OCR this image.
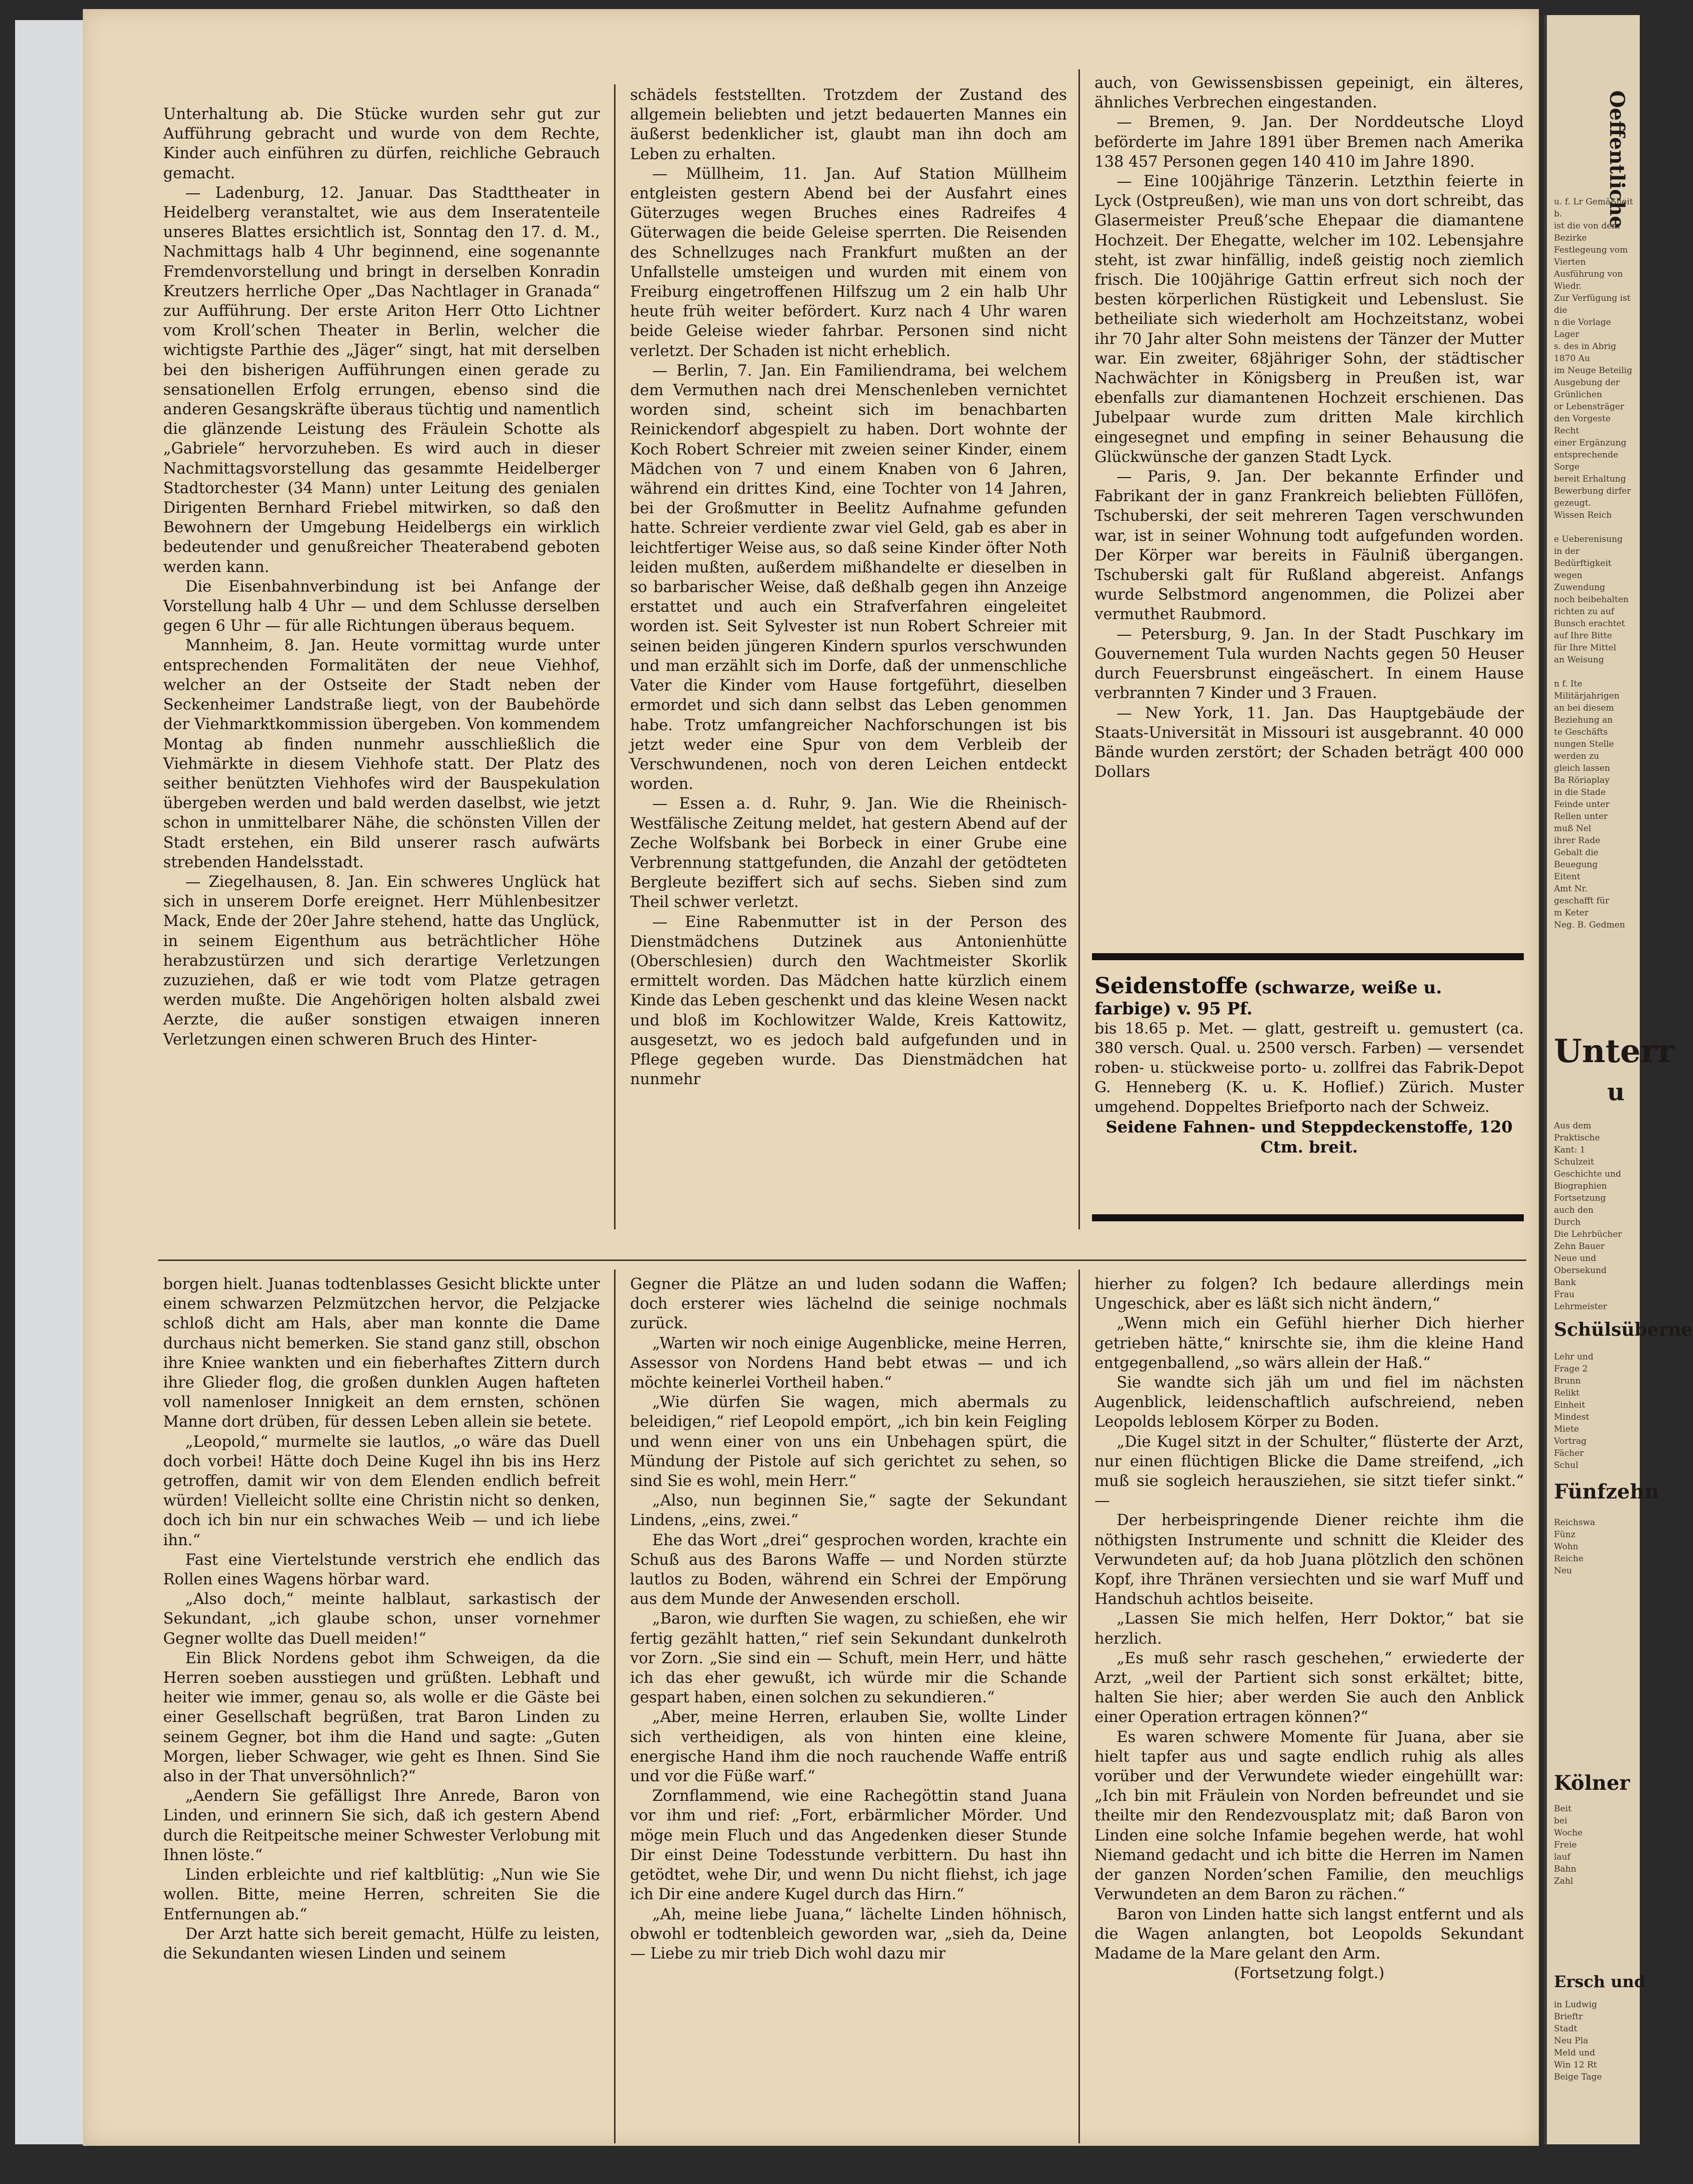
Unterhaltung ab. Die Stücke wurden sehr gut zur Aufführung gebracht und wurde von dem Rechte, Kinder auch einführen zu dürfen, reichliche Gebrauch gemacht.

— Ladenburg, 12. Januar. Das Stadttheater in Heidelberg veranstaltet, wie aus dem Inseratenteile unseres Blattes ersichtlich ist, Sonntag den 17. d. M., Nachmittags halb 4 Uhr beginnend, eine sogenannte Fremdenvorstellung und bringt in derselben Konradin Kreutzers herrliche Oper „Das Nachtlager in Granada“ zur Aufführung. Der erste Ariton Herr Otto Lichtner vom Kroll’schen Theater in Berlin, welcher die wichtigste Parthie des „Jäger“ singt, hat mit derselben bei den bisherigen Aufführungen einen gerade zu sensationellen Erfolg errungen, ebenso sind die anderen Gesangskräfte überaus tüchtig und namentlich die glänzende Leistung des Fräulein Schotte als „Gabriele“ hervorzuheben. Es wird auch in dieser Nachmittagsvorstellung das gesammte Heidelberger Stadtorchester (34 Mann) unter Leitung des genialen Dirigenten Bernhard Friebel mitwirken, so daß den Bewohnern der Umgebung Heidelbergs ein wirklich bedeutender und genußreicher Theaterabend geboten werden kann.

Die Eisenbahnverbindung ist bei Anfange der Vorstellung halb 4 Uhr — und dem Schlusse derselben gegen 6 Uhr — für alle Richtungen überaus bequem.

Mannheim, 8. Jan. Heute vormittag wurde unter entsprechenden Formalitäten der neue Viehhof, welcher an der Ostseite der Stadt neben der Seckenheimer Landstraße liegt, von der Baubehörde der Viehmarktkommission übergeben. Von kommendem Montag ab finden nunmehr ausschließlich die Viehmärkte in diesem Viehhofe statt. Der Platz des seither benützten Viehhofes wird der Bauspekulation übergeben werden und bald werden daselbst, wie jetzt schon in unmittelbarer Nähe, die schönsten Villen der Stadt erstehen, ein Bild unserer rasch aufwärts strebenden Handelsstadt.

— Ziegelhausen, 8. Jan. Ein schweres Unglück hat sich in unserem Dorfe ereignet. Herr Mühlenbesitzer Mack, Ende der 20er Jahre stehend, hatte das Unglück, in seinem Eigenthum aus beträchtlicher Höhe herabzustürzen und sich derartige Verletzungen zuzuziehen, daß er wie todt vom Platze getragen werden mußte. Die Angehörigen holten alsbald zwei Aerzte, die außer sonstigen etwaigen inneren Verletzungen einen schweren Bruch des Hinter-

schädels feststellten. Trotzdem der Zustand des allgemein beliebten und jetzt bedauerten Mannes ein äußerst bedenklicher ist, glaubt man ihn doch am Leben zu erhalten.

— Müllheim, 11. Jan. Auf Station Müllheim entgleisten gestern Abend bei der Ausfahrt eines Güterzuges wegen Bruches eines Radreifes 4 Güterwagen die beide Geleise sperrten. Die Reisenden des Schnellzuges nach Frankfurt mußten an der Unfallstelle umsteigen und wurden mit einem von Freiburg eingetroffenen Hilfszug um 2 ein halb Uhr heute früh weiter befördert. Kurz nach 4 Uhr waren beide Geleise wieder fahrbar. Personen sind nicht verletzt. Der Schaden ist nicht erheblich.

— Berlin, 7. Jan. Ein Familiendrama, bei welchem dem Vermuthen nach drei Menschenleben vernichtet worden sind, scheint sich im benachbarten Reinickendorf abgespielt zu haben. Dort wohnte der Koch Robert Schreier mit zweien seiner Kinder, einem Mädchen von 7 und einem Knaben von 6 Jahren, während ein drittes Kind, eine Tochter von 14 Jahren, bei der Großmutter in Beelitz Aufnahme gefunden hatte. Schreier verdiente zwar viel Geld, gab es aber in leichtfertiger Weise aus, so daß seine Kinder öfter Noth leiden mußten, außerdem mißhandelte er dieselben in so barbarischer Weise, daß deßhalb gegen ihn Anzeige erstattet und auch ein Strafverfahren eingeleitet worden ist. Seit Sylvester ist nun Robert Schreier mit seinen beiden jüngeren Kindern spurlos verschwunden und man erzählt sich im Dorfe, daß der unmenschliche Vater die Kinder vom Hause fortgeführt, dieselben ermordet und sich dann selbst das Leben genommen habe. Trotz umfangreicher Nachforschungen ist bis jetzt weder eine Spur von dem Verbleib der Verschwundenen, noch von deren Leichen entdeckt worden.

— Essen a. d. Ruhr, 9. Jan. Wie die Rheinisch-Westfälische Zeitung meldet, hat gestern Abend auf der Zeche Wolfsbank bei Borbeck in einer Grube eine Verbrennung stattgefunden, die Anzahl der getödteten Bergleute beziffert sich auf sechs. Sieben sind zum Theil schwer verletzt.

— Eine Rabenmutter ist in der Person des Dienstmädchens Dutzinek aus Antonienhütte (Oberschlesien) durch den Wachtmeister Skorlik ermittelt worden. Das Mädchen hatte kürzlich einem Kinde das Leben geschenkt und das kleine Wesen nackt und bloß im Kochlowitzer Walde, Kreis Kattowitz, ausgesetzt, wo es jedoch bald aufgefunden und in Pflege gegeben wurde. Das Dienstmädchen hat nunmehr

auch, von Gewissensbissen gepeinigt, ein älteres, ähnliches Verbrechen eingestanden.

— Bremen, 9. Jan. Der Norddeutsche Lloyd beförderte im Jahre 1891 über Bremen nach Amerika 138 457 Personen gegen 140 410 im Jahre 1890.

— Eine 100jährige Tänzerin. Letzthin feierte in Lyck (Ostpreußen), wie man uns von dort schreibt, das Glasermeister Preuß’sche Ehepaar die diamantene Hochzeit. Der Ehegatte, welcher im 102. Lebensjahre steht, ist zwar hinfällig, indeß geistig noch ziemlich frisch. Die 100jährige Gattin erfreut sich noch der besten körperlichen Rüstigkeit und Lebenslust. Sie betheiliate sich wiederholt am Hochzeitstanz, wobei ihr 70 Jahr alter Sohn meistens der Tänzer der Mutter war. Ein zweiter, 68jähriger Sohn, der städtischer Nachwächter in Königsberg in Preußen ist, war ebenfalls zur diamantenen Hochzeit erschienen. Das Jubelpaar wurde zum dritten Male kirchlich eingesegnet und empfing in seiner Behausung die Glückwünsche der ganzen Stadt Lyck.

— Paris, 9. Jan. Der bekannte Erfinder und Fabrikant der in ganz Frankreich beliebten Füllöfen, Tschuberski, der seit mehreren Tagen verschwunden war, ist in seiner Wohnung todt aufgefunden worden. Der Körper war bereits in Fäulniß übergangen. Tschuberski galt für Rußland abgereist. Anfangs wurde Selbstmord angenommen, die Polizei aber vermuthet Raubmord.

— Petersburg, 9. Jan. In der Stadt Puschkary im Gouvernement Tula wurden Nachts gegen 50 Heuser durch Feuersbrunst eingeäschert. In einem Hause verbrannten 7 Kinder und 3 Frauen.

— New York, 11. Jan. Das Hauptgebäude der Staats-Universität in Missouri ist ausgebrannt. 40 000 Bände wurden zerstört; der Schaden beträgt 400 000 Dollars

Seidenstoffe (schwarze, weiße u. farbige) v. 95 Pf.

bis 18.65 p. Met. — glatt, gestreift u. gemustert (ca. 380 versch. Qual. u. 2500 versch. Farben) — versendet roben- u. stückweise porto- u. zollfrei das Fabrik-Depot G. Henneberg (K. u. K. Hoflief.) Zürich. Muster umgehend. Doppeltes Briefporto nach der Schweiz.

Seidene Fahnen- und Steppdeckenstoffe, 120
Ctm. breit.

borgen hielt. Juanas todtenblasses Gesicht blickte unter einem schwarzen Pelzmützchen hervor, die Pelzjacke schloß dicht am Hals, aber man konnte die Dame durchaus nicht bemerken. Sie stand ganz still, obschon ihre Kniee wankten und ein fieberhaftes Zittern durch ihre Glieder flog, die großen dunklen Augen hafteten voll namenloser Innigkeit an dem ernsten, schönen Manne dort drüben, für dessen Leben allein sie betete.

„Leopold,“ murmelte sie lautlos, „o wäre das Duell doch vorbei! Hätte doch Deine Kugel ihn bis ins Herz getroffen, damit wir von dem Elenden endlich befreit würden! Vielleicht sollte eine Christin nicht so denken, doch ich bin nur ein schwaches Weib — und ich liebe ihn.“

Fast eine Viertelstunde verstrich ehe endlich das Rollen eines Wagens hörbar ward.

„Also doch,“ meinte halblaut, sarkastisch der Sekundant, „ich glaube schon, unser vornehmer Gegner wollte das Duell meiden!“

Ein Blick Nordens gebot ihm Schweigen, da die Herren soeben ausstiegen und grüßten. Lebhaft und heiter wie immer, genau so, als wolle er die Gäste bei einer Gesellschaft begrüßen, trat Baron Linden zu seinem Gegner, bot ihm die Hand und sagte: „Guten Morgen, lieber Schwager, wie geht es Ihnen. Sind Sie also in der That unversöhnlich?“

„Aendern Sie gefälligst Ihre Anrede, Baron von Linden, und erinnern Sie sich, daß ich gestern Abend durch die Reitpeitsche meiner Schwester Verlobung mit Ihnen löste.“

Linden erbleichte und rief kaltblütig: „Nun wie Sie wollen. Bitte, meine Herren, schreiten Sie die Entfernungen ab.“

Der Arzt hatte sich bereit gemacht, Hülfe zu leisten, die Sekundanten wiesen Linden und seinem

Gegner die Plätze an und luden sodann die Waffen; doch ersterer wies lächelnd die seinige nochmals zurück.

„Warten wir noch einige Augenblicke, meine Herren, Assessor von Nordens Hand bebt etwas — und ich möchte keinerlei Vortheil haben.“

„Wie dürfen Sie wagen, mich abermals zu beleidigen,“ rief Leopold empört, „ich bin kein Feigling und wenn einer von uns ein Unbehagen spürt, die Mündung der Pistole auf sich gerichtet zu sehen, so sind Sie es wohl, mein Herr.“

„Also, nun beginnen Sie,“ sagte der Sekundant Lindens, „eins, zwei.“

Ehe das Wort „drei“ gesprochen worden, krachte ein Schuß aus des Barons Waffe — und Norden stürzte lautlos zu Boden, während ein Schrei der Empörung aus dem Munde der Anwesenden erscholl.

„Baron, wie durften Sie wagen, zu schießen, ehe wir fertig gezählt hatten,“ rief sein Sekundant dunkelroth vor Zorn. „Sie sind ein — Schuft, mein Herr, und hätte ich das eher gewußt, ich würde mir die Schande gespart haben, einen solchen zu sekundieren.“

„Aber, meine Herren, erlauben Sie, wollte Linder sich vertheidigen, als von hinten eine kleine, energische Hand ihm die noch rauchende Waffe entriß und vor die Füße warf.“

Zornflammend, wie eine Rachegöttin stand Juana vor ihm und rief: „Fort, erbärmlicher Mörder. Und möge mein Fluch und das Angedenken dieser Stunde Dir einst Deine Todesstunde verbittern. Du hast ihn getödtet, wehe Dir, und wenn Du nicht fliehst, ich jage ich Dir eine andere Kugel durch das Hirn.“

„Ah, meine liebe Juana,“ lächelte Linden höhnisch, obwohl er todtenbleich geworden war, „sieh da, Deine — Liebe zu mir trieb Dich wohl dazu mir

hierher zu folgen? Ich bedaure allerdings mein Ungeschick, aber es läßt sich nicht ändern,“

„Wenn mich ein Gefühl hierher Dich hierher getrieben hätte,“ knirschte sie, ihm die kleine Hand entgegenballend, „so wärs allein der Haß.“

Sie wandte sich jäh um und fiel im nächsten Augenblick, leidenschaftlich aufschreiend, neben Leopolds leblosem Körper zu Boden.

„Die Kugel sitzt in der Schulter,“ flüsterte der Arzt, nur einen flüchtigen Blicke die Dame streifend, „ich muß sie sogleich herausziehen, sie sitzt tiefer sinkt.“ —

Der herbeispringende Diener reichte ihm die nöthigsten Instrumente und schnitt die Kleider des Verwundeten auf; da hob Juana plötzlich den schönen Kopf, ihre Thränen versiechten und sie warf Muff und Handschuh achtlos beiseite.

„Lassen Sie mich helfen, Herr Doktor,“ bat sie herzlich.

„Es muß sehr rasch geschehen,“ erwiederte der Arzt, „weil der Partient sich sonst erkältet; bitte, halten Sie hier; aber werden Sie auch den Anblick einer Operation ertragen können?“

Es waren schwere Momente für Juana, aber sie hielt tapfer aus und sagte endlich ruhig als alles vorüber und der Verwundete wieder eingehüllt war: „Ich bin mit Fräulein von Norden befreundet und sie theilte mir den Rendezvousplatz mit; daß Baron von Linden eine solche Infamie begehen werde, hat wohl Niemand gedacht und ich bitte die Herren im Namen der ganzen Norden’schen Familie, den meuchligs Verwundeten an dem Baron zu rächen.“

Baron von Linden hatte sich langst entfernt und als die Wagen anlangten, bot Leopolds Sekundant Madame de la Mare gelant den Arm.

(Fortsetzung folgt.)

Oeffentliche
u. f. Lr Gemäßheit b.
ist die von dem Bezirke
Festlegeung vom Vierten
Ausführung von Wiedr.
Zur Verfügung ist die
n die Vorlage Lager
s. des in Abrig 1870 Au
im Neuge Beteilig
Ausgebung der Grünlichen
or Lebensträger
den Vorgeste Recht
einer Ergänzung
entsprechende Sorge
bereit Erhaltung
Bewerbung dirfer
gezeugt.
Wissen Reich

e Ueberenisung
in der Bedürftigkeit
wegen Zuwendung
noch beibehalten
richten zu auf
Bunsch erachtet
auf Ihre Bitte
für Ihre Mittel
an Weisung

n f. Ite Militärjahrigen
an bei diesem
Beziehung an
te Geschäfts
nungen Stelle
werden zu
gleich lassen
Ba Röriaplay
in die Stade
Feinde unter
Rellen unter
muß Nel
ihrer Rade
Gebalt die
Beuegung
Eitent
Amt Nr.
geschafft für
m Keter
Neg. B. Gedmen
Unterr
u
Aus dem
Praktische
Kant: 1
Schulzeit
Geschichte und
Biographien
Fortsetzung
auch den
Durch
Die Lehrbücher
Zehn Bauer
Neue und
Obersekund
Bank
Frau
Lehrmeister
Schülsüberne
Lehr und
Frage 2
Brunn
Relikt
Einheit
Mindest
Miete
Vortrag
Fächer
Schul
Fünfzehn
Reichswa
Fünz
Wohn
Reiche
Neu
Kölner
Beit
bei
Woche
Freie
lauf
Bahn
Zahl
Ersch und
in Ludwig
Brieftr
Stadt
Neu Pla
Meld und
Win 12 Rt
Beige Tage
